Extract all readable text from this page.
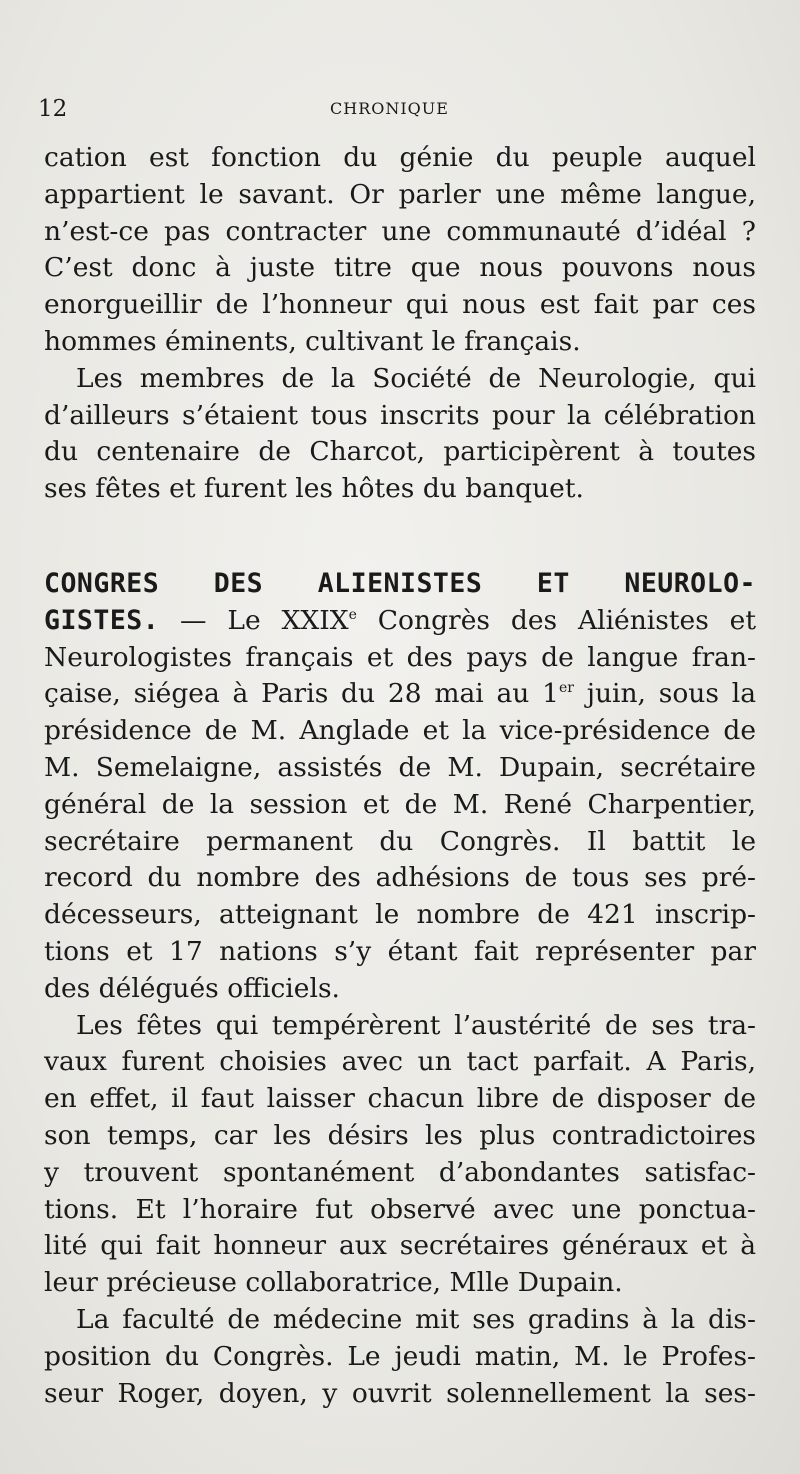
12	CHRONIQUE
cation est fonction du génie du peuple auquel
appartient le savant. Or parler une même langue,
n’est-ce pas contracter une communauté d’idéal ?
C’est donc à juste titre que nous pouvons nous
enorgueillir de l’honneur qui nous est fait par ces
hommes éminents, cultivant le français.
Les membres de la Société de Neurologie, qui
d’ailleurs s’étaient tous inscrits pour la célébration
du centenaire de Charcot, participèrent à toutes
ses fêtes et furent les hôtes du banquet.
CONGRES DES ALIENISTES ET NEUROLO-
GISTES. — Le XXIXe Congrès des Aliénistes et
Neurologistes français et des pays de langue fran-
çaise, siégea à Paris du 28 mai au 1er juin, sous la
présidence de M. Anglade et la vice-présidence de
M. Semelaigne, assistés de M. Dupain, secrétaire
général de la session et de M. René Charpentier,
secrétaire permanent du Congrès. Il battit le
record du nombre des adhésions de tous ses pré-
décesseurs, atteignant le nombre de 421 inscrip-
tions et 17 nations s’y étant fait représenter par
des délégués officiels.
Les fêtes qui tempérèrent l’austérité de ses tra-
vaux furent choisies avec un tact parfait. A Paris,
en effet, il faut laisser chacun libre de disposer de
son temps, car les désirs les plus contradictoires
y trouvent spontanément d’abondantes satisfac-
tions. Et l’horaire fut observé avec une ponctua-
lité qui fait honneur aux secrétaires généraux et à
leur précieuse collaboratrice, Mlle Dupain.
La faculté de médecine mit ses gradins à la dis-
position du Congrès. Le jeudi matin, M. le Profes-
seur Roger, doyen, y ouvrit solennellement la ses-
